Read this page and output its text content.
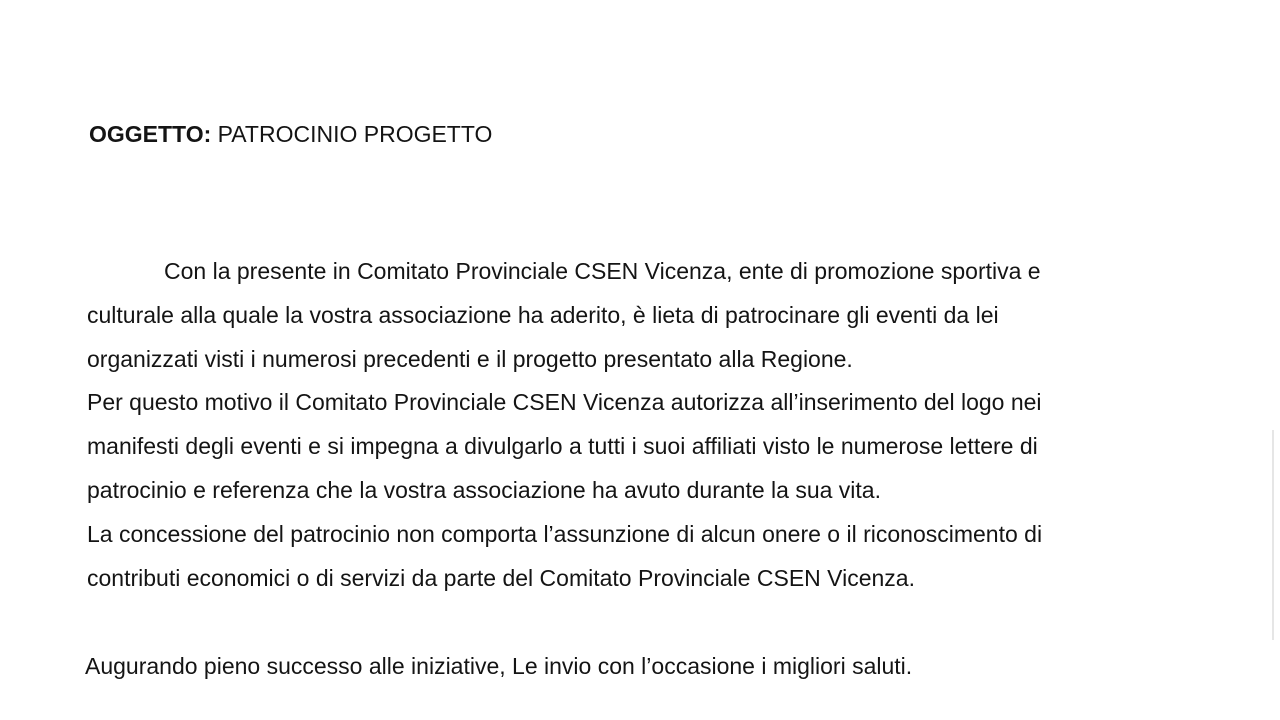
OGGETTO: PATROCINIO PROGETTO
Con la presente in Comitato Provinciale CSEN Vicenza, ente di promozione sportiva e
culturale alla quale la vostra associazione ha aderito, è lieta di patrocinare gli eventi da lei
organizzati visti i numerosi precedenti e il progetto presentato alla Regione.
Per questo motivo il Comitato Provinciale CSEN Vicenza autorizza all’inserimento del logo nei
manifesti degli eventi e si impegna a divulgarlo a tutti i suoi affiliati visto le numerose lettere di
patrocinio e referenza che la vostra associazione ha avuto durante la sua vita.
La concessione del patrocinio non comporta l’assunzione di alcun onere o il riconoscimento di
contributi economici o di servizi da parte del Comitato Provinciale CSEN Vicenza.
Augurando pieno successo alle iniziative, Le invio con l’occasione i migliori saluti.
